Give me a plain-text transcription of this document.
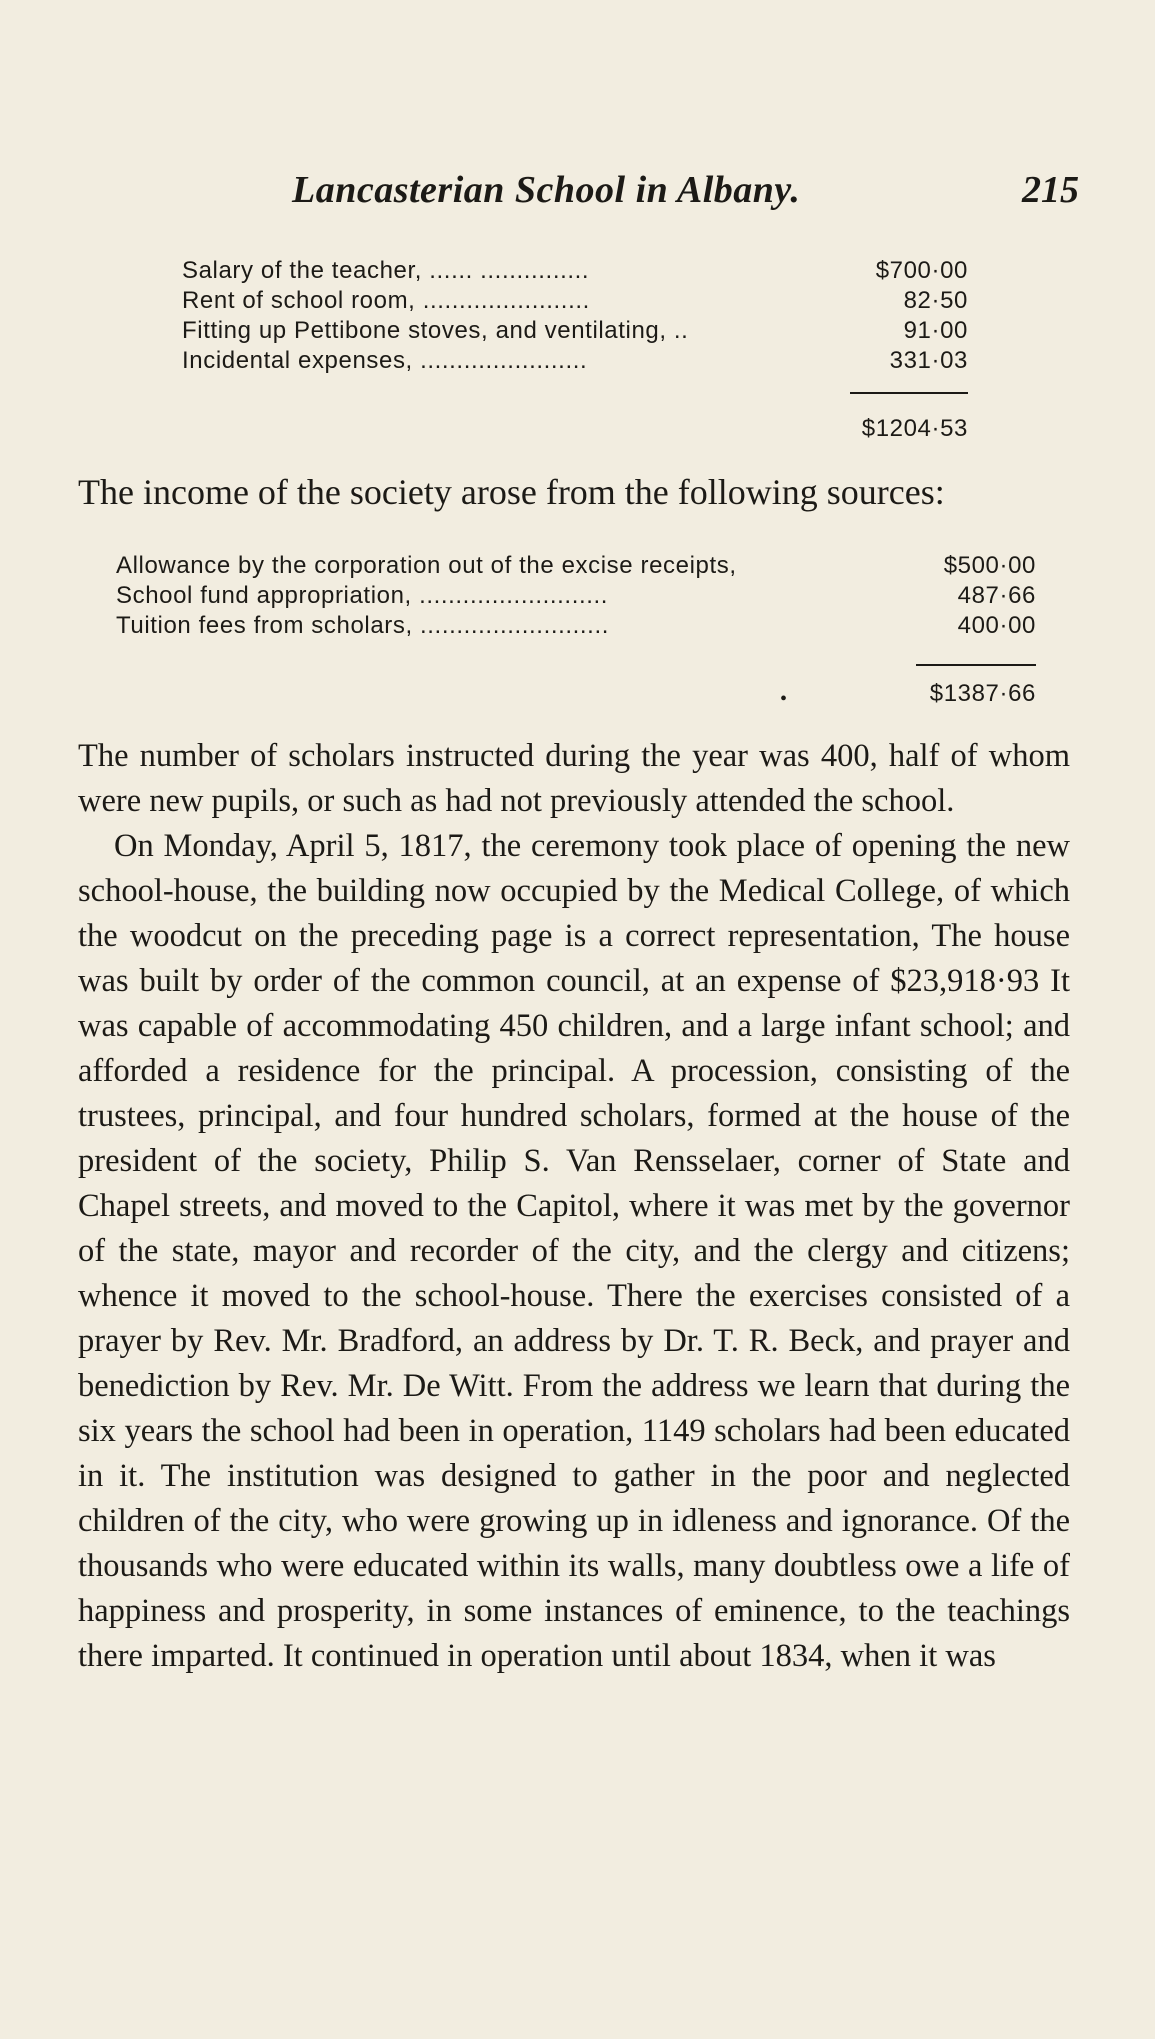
Lancasterian School in Albany.	215
Salary of the teacher, ...... ...............	$700·00
Rent of school room, .......................	82·50
Fitting up Pettibone stoves, and ventilating, ..	91·00
Incidental expenses, .......................	331·03
$1204·53
The income of the society arose from the following sources:
Allowance by the corporation out of the excise receipts,	$500·00
School fund appropriation, ..........................	487·66
Tuition fees from scholars, ..........................	400·00
$1387·66
•

The number of scholars instructed during the year was 400, half of whom were new pupils, or such as had not previously attended the school.

On Monday, April 5, 1817, the ceremony took place of opening the new school-house, the building now occupied by the Medical College, of which the woodcut on the preceding page is a correct representation, The house was built by order of the common council, at an expense of $23,918·93 It was capable of accommodating 450 children, and a large infant school; and afforded a residence for the principal. A procession, consisting of the trustees, principal, and four hundred scholars, formed at the house of the president of the society, Philip S. Van Rensselaer, corner of State and Chapel streets, and moved to the Capitol, where it was met by the governor of the state, mayor and recorder of the city, and the clergy and citizens; whence it moved to the school-house. There the exercises consisted of a prayer by Rev. Mr. Bradford, an address by Dr. T. R. Beck, and prayer and benediction by Rev. Mr. De Witt. From the address we learn that during the six years the school had been in operation, 1149 scholars had been educated in it. The institution was designed to gather in the poor and neglected children of the city, who were growing up in idleness and ignorance. Of the thousands who were educated within its walls, many doubtless owe a life of happiness and prosperity, in some instances of eminence, to the teachings there imparted. It continued in operation until about 1834, when it was
